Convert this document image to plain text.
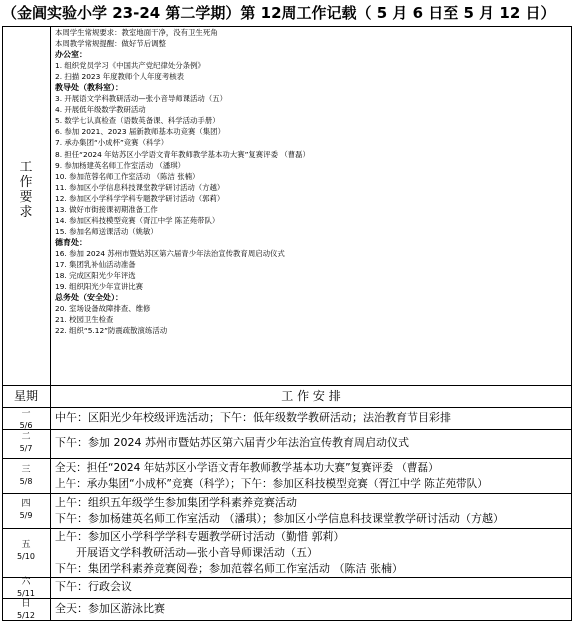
（金阊实验小学 23-24 第二学期）第 12周工作记载（ 5 月 6 日至 5 月 12 日）
工
作
要
求
本周学生常规要求：教室地面干净，没有卫生死角
本周教学常规提醒：做好节后调整
办公室：
1. 组织党员学习《中国共产党纪律处分条例》
2. 扫描 2023 年度教师个人年度考核表
教导处（教科室）：
3. 开展语文学科教研活动—张小音导师课活动（五）
4. 开展低年级数学教研活动
5. 数学七认真检查（语数英备课、科学活动手册）
6. 参加 2021、2023 届新教师基本功竞赛（集团）
7. 承办集团“小成杯”竞赛（科学）
8. 担任“2024 年姑苏区小学语文青年教师教学基本功大赛”复赛评委 （曹磊）
9. 参加杨建英名师工作室活动 （潘琪）
10. 参加范蓉名师工作室活动 （陈洁 张楠）
11. 参加区小学信息科技课堂教学研讨活动（方越）
12. 参加区小学科学学科专题教学研讨活动（郭莉）
13. 做好市街接课初期准备工作
14. 参加区科技模型竞赛（胥江中学 陈芷苑带队）
15. 参加名师送课活动（姚敏）
德育处：
16. 参加 2024 苏州市暨姑苏区第六届青少年法治宣传教育周启动仪式
17. 集团乳补仙活动准备
18. 完成区阳光少年评选
19. 组织阳光少年宣讲比赛
总务处（安全处）：
20. 室场设备故障排查、维修
21. 校园卫生检查
22. 组织“5.12”防震疏散演练活动
星期	工 作 安 排
一
5/6
中午：区阳光少年校级评选活动；下午：低年级数学教研活动；法治教育节目彩排
二
5/7	下午：参加 2024 苏州市暨姑苏区第六届青少年法治宣传教育周启动仪式
三
5/8
全天：担任“2024 年姑苏区小学语文青年教师教学基本功大赛”复赛评委 （曹磊）
上午：承办集团“小成杯”竞赛（科学）；下午：参加区科技模型竞赛（胥江中学 陈芷苑带队）
四
5/9
上午：组织五年级学生参加集团学科素养竞赛活动
下午：参加杨建英名师工作室活动 （潘琪）；参加区小学信息科技课堂教学研讨活动（方越）
五
5/10
上午：参加区小学科学学科专题教学研讨活动（勤惜 郭莉）
开展语文学科教研活动—张小音导师课活动（五）
下午：集团学科素养竞赛阅卷；参加范蓉名师工作室活动 （陈洁 张楠）
六
5/11
下午：行政会议
日
5/12
全天：参加区游泳比赛
